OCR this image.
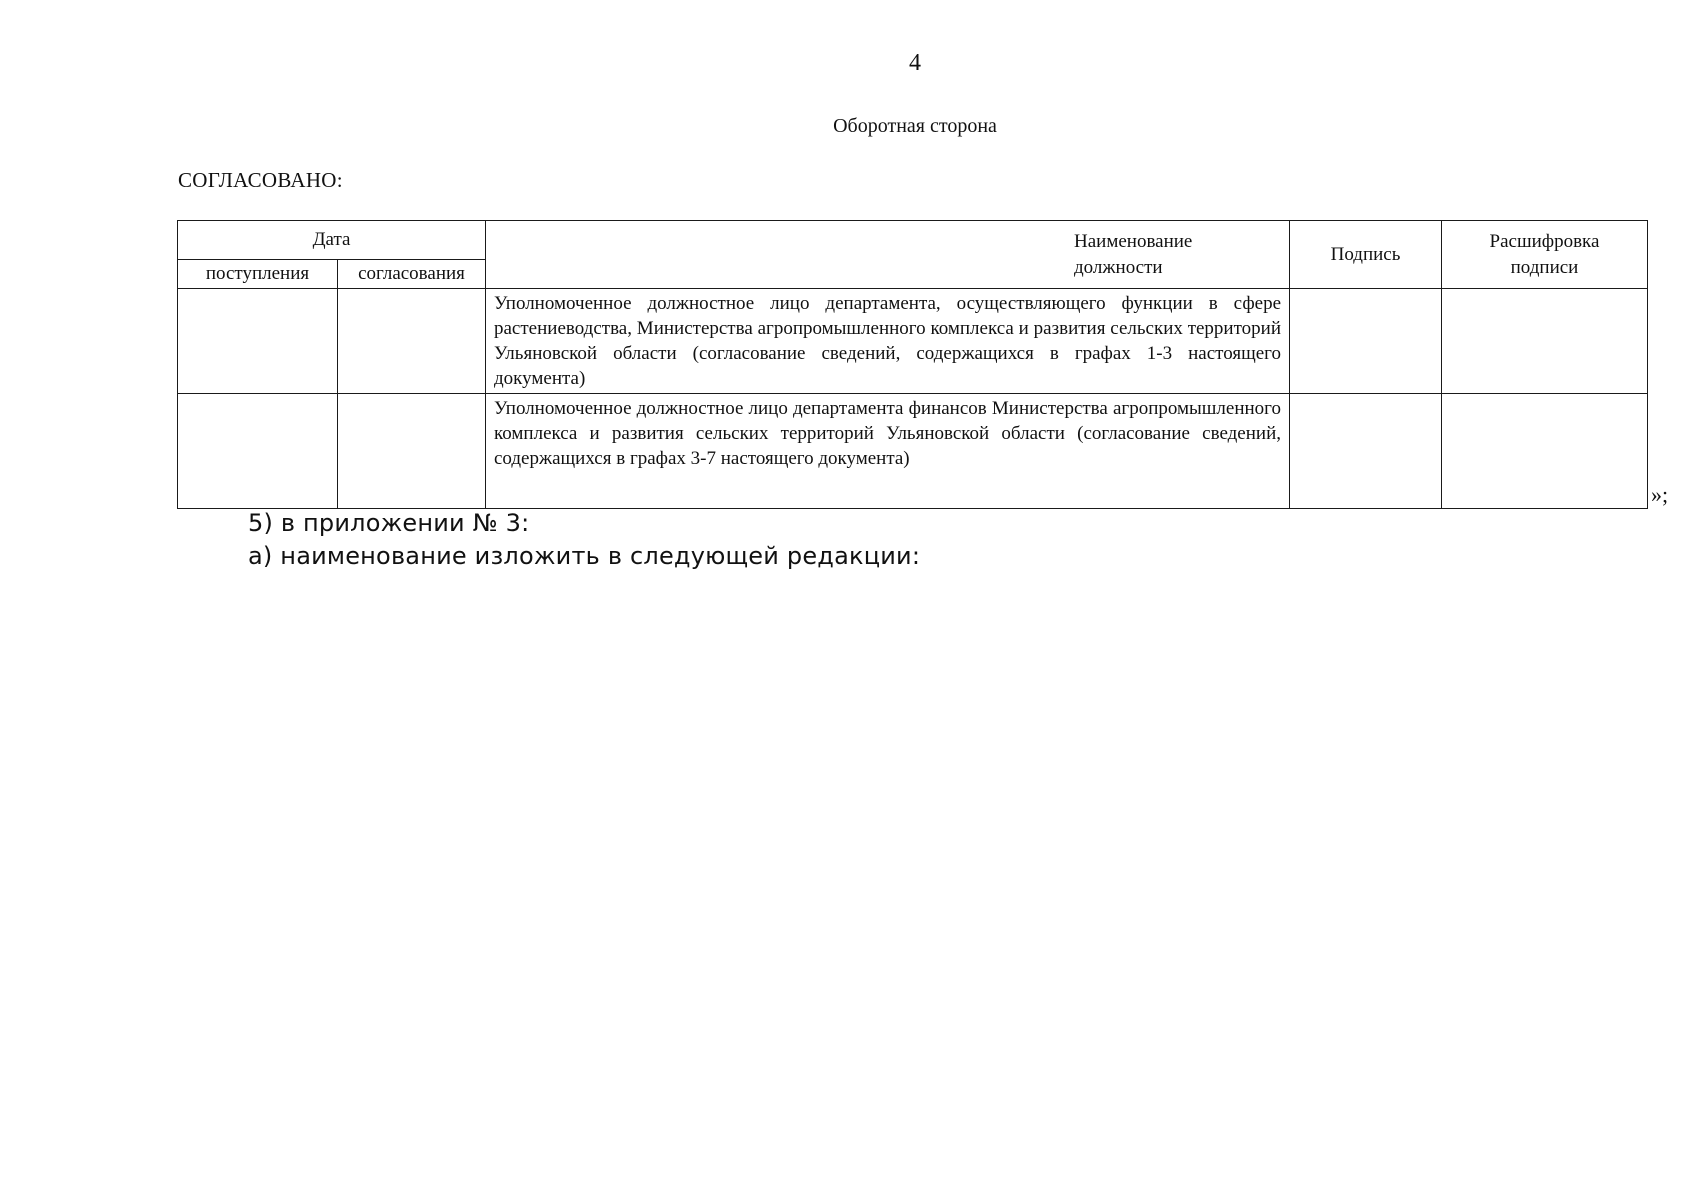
4
Оборотная сторона
СОГЛАСОВАНО:
Дата		Наименование должности	Подпись	Расшифровка подписи
поступления	согласования			
		Уполномоченное должностное лицо департамента, осуществляющего функции в сфере растениеводства, Министерства агропромышленного комплекса и развития сельских территорий Ульяновской области (согласование сведений, содержащихся в графах 1-3 настоящего документа)		
		Уполномоченное должностное лицо департамента финансов Министерства агропромышленного комплекса и развития сельских территорий Ульяновской области (согласование сведений, содержащихся в графах 3-7 настоящего документа)		
»;
5) в приложении № 3:
а) наименование изложить в следующей редакции:
